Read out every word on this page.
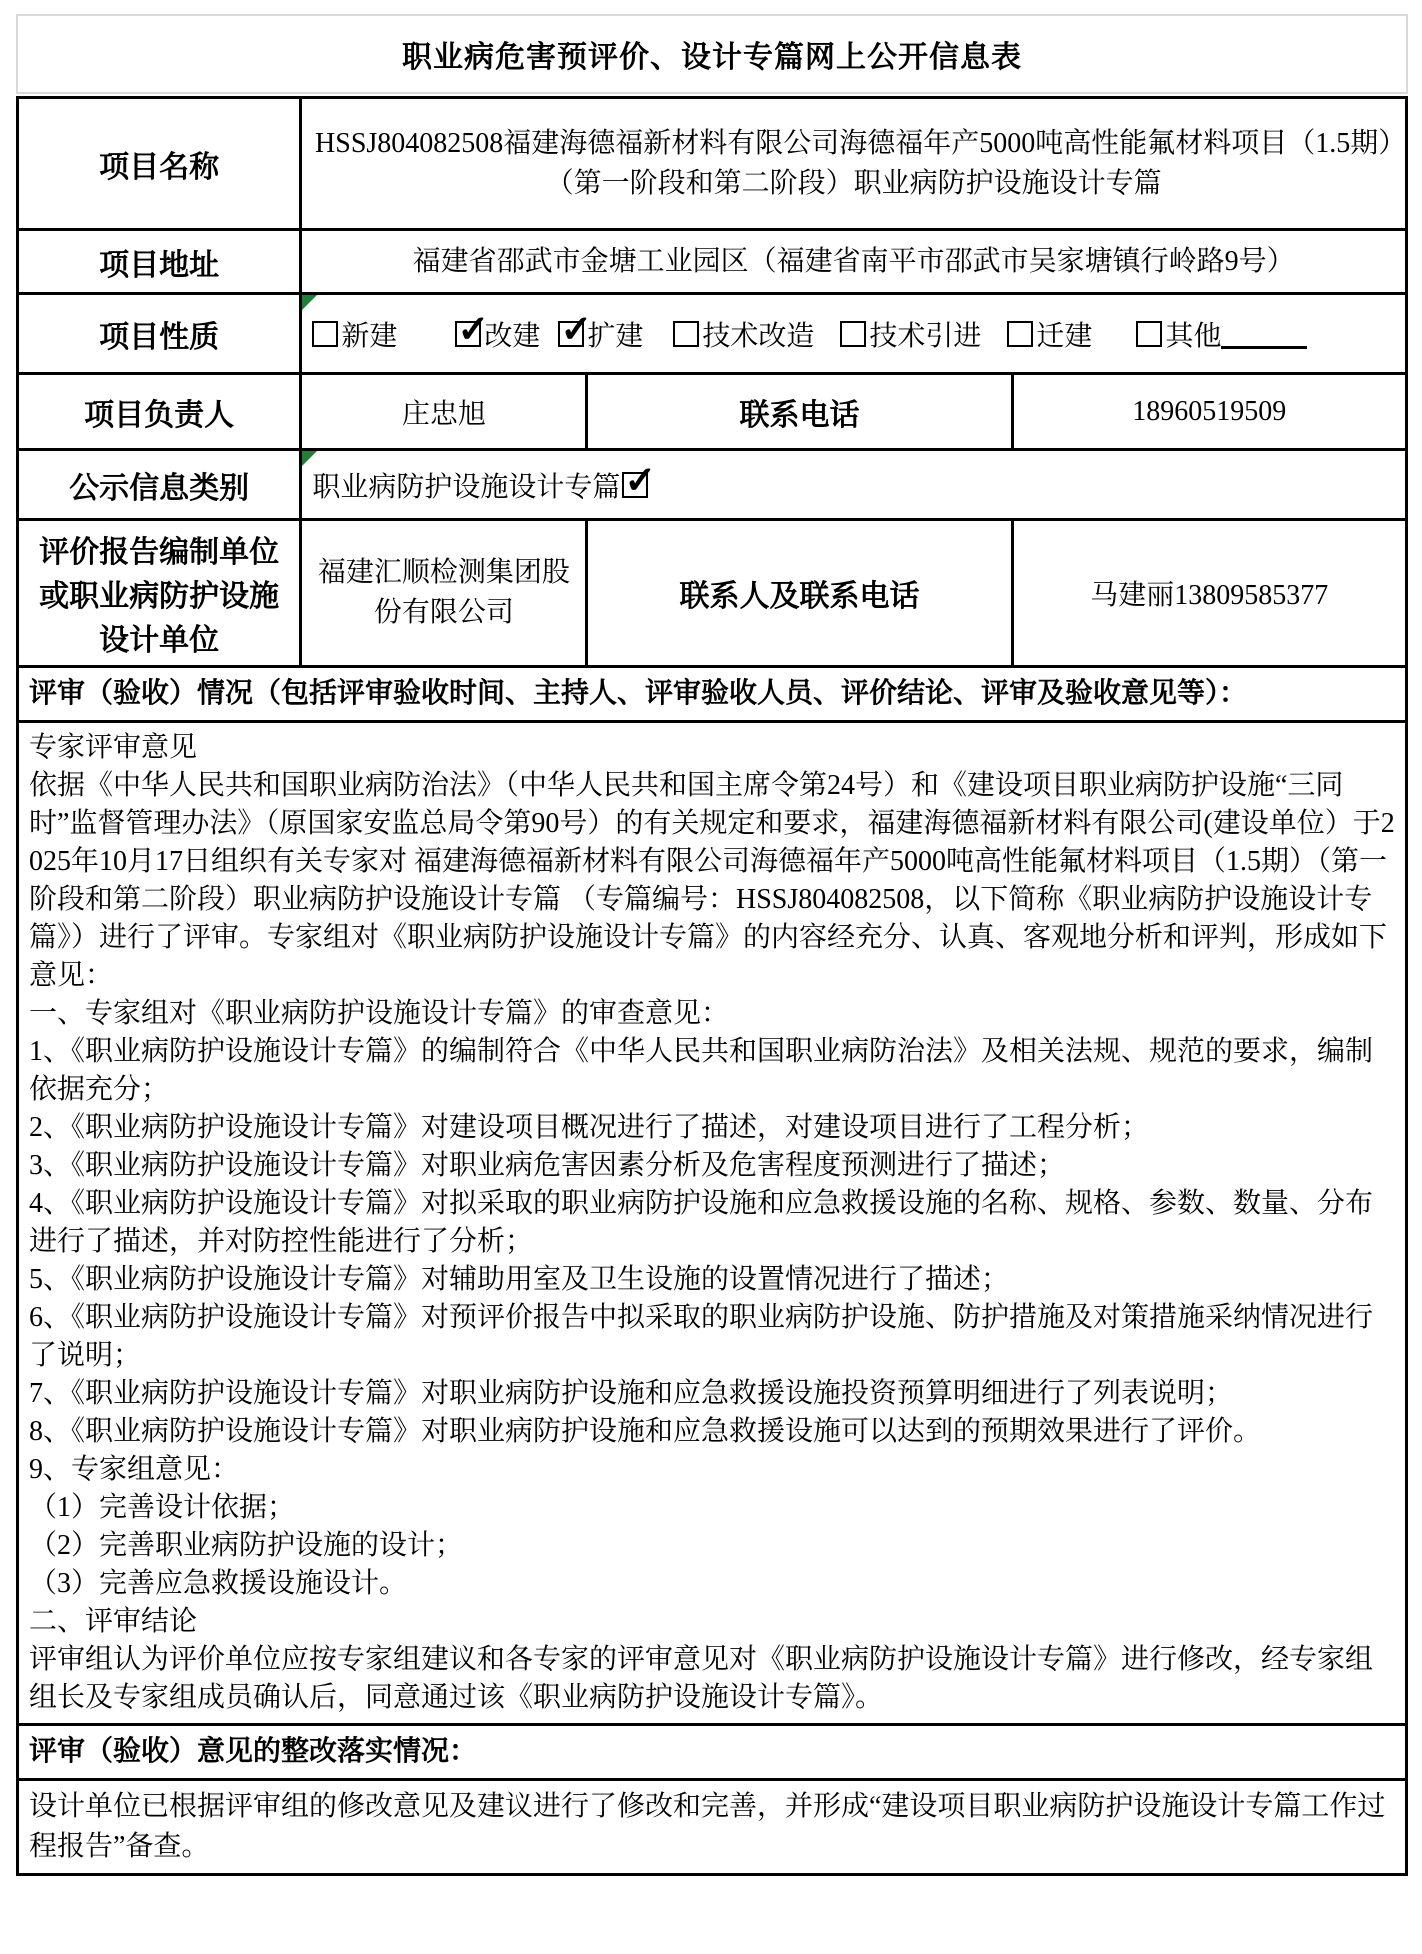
职业病危害预评价、设计专篇网上公开信息表
项目名称	HSSJ804082508福建海德福新材料有限公司海德福年产5000吨高性能氟材料项目（1.5期）（第一阶段和第二阶段）职业病防护设施设计专篇		
项目地址	福建省邵武市金塘工业园区（福建省南平市邵武市吴家塘镇行岭路9号）		
项目性质	新建 ✓	改建 ✓ 扩建 技术改造 技术引进 迁建	其他

项目负责人	庄忠旭	联系电话	18960519509
公示信息类别	职业病防护设施设计专篇
✓

评价报告编制单位或职业病防护设施设计单位	福建汇顺检测集团股份有限公司	联系人及联系电话	马建丽13809585377
评审（验收）情况（包括评审验收时间、主持人、评审验收人员、评价结论、评审及验收意见等）：			

专家评审意见
依据《中华人民共和国职业病防治法》（中华人民共和国主席令第24号）和《建设项目职业病防护设施“三同时”监督管理办法》（原国家安监总局令第90号）的有关规定和要求，福建海德福新材料有限公司(建设单位）于2025年10月17日组织有关专家对 福建海德福新材料有限公司海德福年产5000吨高性能氟材料项目（1.5期）（第一阶段和第二阶段）职业病防护设施设计专篇 （专篇编号：HSSJ804082508，以下简称《职业病防护设施设计专篇》）进行了评审。专家组对《职业病防护设施设计专篇》的内容经充分、认真、客观地分析和评判，形成如下意见：
一、专家组对《职业病防护设施设计专篇》的审查意见：
1、《职业病防护设施设计专篇》的编制符合《中华人民共和国职业病防治法》及相关法规、规范的要求，编制依据充分；
2、《职业病防护设施设计专篇》对建设项目概况进行了描述，对建设项目进行了工程分析；
3、《职业病防护设施设计专篇》对职业病危害因素分析及危害程度预测进行了描述；
4、《职业病防护设施设计专篇》对拟采取的职业病防护设施和应急救援设施的名称、规格、参数、数量、分布进行了描述，并对防控性能进行了分析；
5、《职业病防护设施设计专篇》对辅助用室及卫生设施的设置情况进行了描述；
6、《职业病防护设施设计专篇》对预评价报告中拟采取的职业病防护设施、防护措施及对策措施采纳情况进行了说明；
7、《职业病防护设施设计专篇》对职业病防护设施和应急救援设施投资预算明细进行了列表说明；
8、《职业病防护设施设计专篇》对职业病防护设施和应急救援设施可以达到的预期效果进行了评价。
9、专家组意见：
（1）完善设计依据；
（2）完善职业病防护设施的设计；
（3）完善应急救援设施设计。
二、评审结论
评审组认为评价单位应按专家组建议和各专家的评审意见对《职业病防护设施设计专篇》进行修改，经专家组组长及专家组成员确认后，同意通过该《职业病防护设施设计专篇》。

评审（验收）意见的整改落实情况：			

设计单位已根据评审组的修改意见及建议进行了修改和完善，并形成“建设项目职业病防护设施设计专篇工作过程报告”备查。			
